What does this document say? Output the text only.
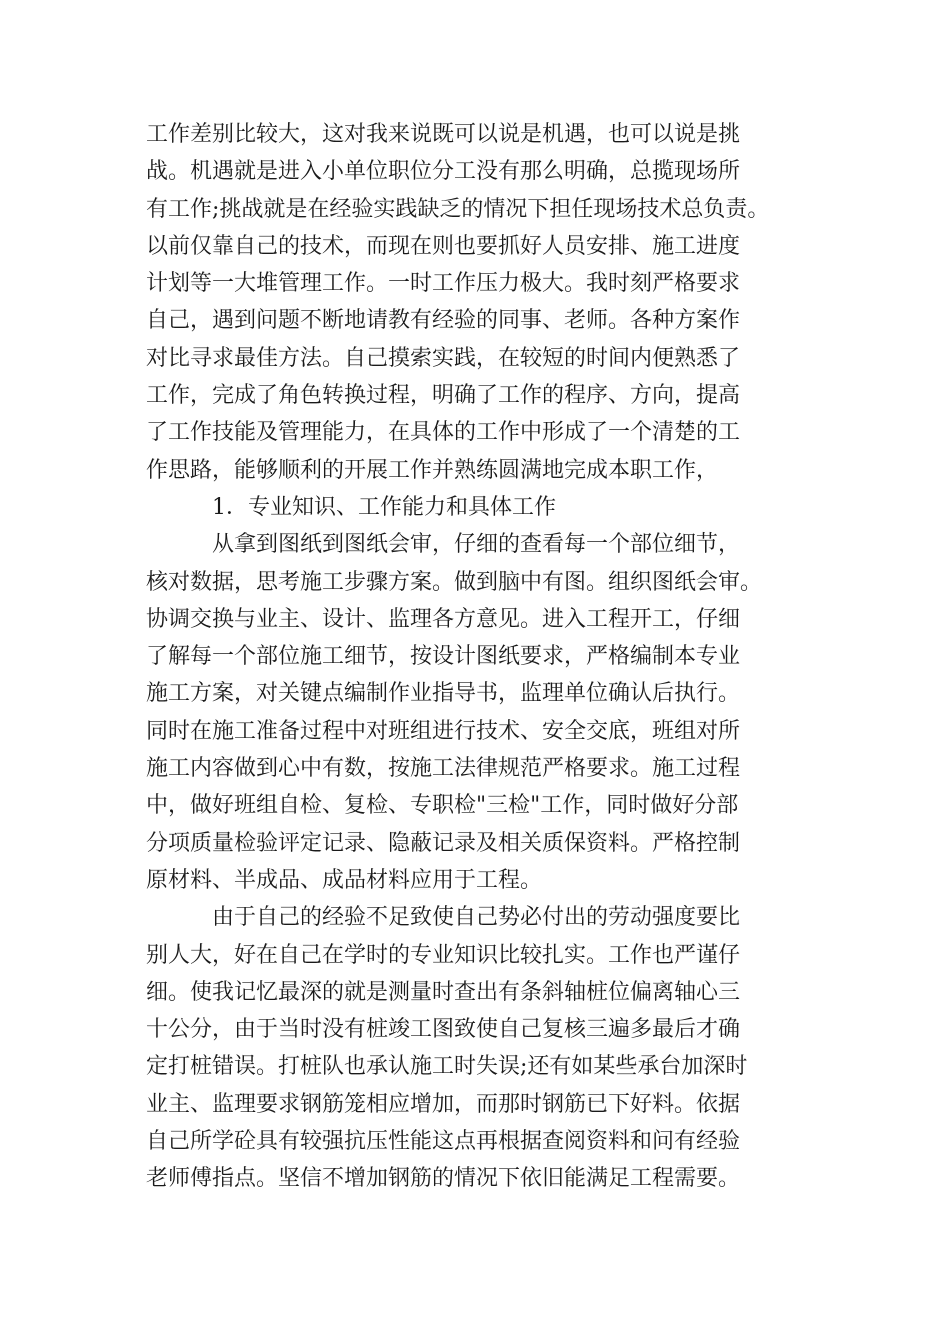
工作差别比较大，这对我来说既可以说是机遇，也可以说是挑
战。机遇就是进入小单位职位分工没有那么明确，总揽现场所
有工作;挑战就是在经验实践缺乏的情况下担任现场技术总负责。
以前仅靠自己的技术，而现在则也要抓好人员安排、施工进度
计划等一大堆管理工作。一时工作压力极大。我时刻严格要求
自己，遇到问题不断地请教有经验的同事、老师。各种方案作
对比寻求最佳方法。自己摸索实践，在较短的时间内便熟悉了
工作，完成了角色转换过程，明确了工作的程序、方向，提高
了工作技能及管理能力，在具体的工作中形成了一个清楚的工
作思路，能够顺利的开展工作并熟练圆满地完成本职工作，
1．专业知识、工作能力和具体工作
从拿到图纸到图纸会审，仔细的查看每一个部位细节，
核对数据，思考施工步骤方案。做到脑中有图。组织图纸会审。
协调交换与业主、设计、监理各方意见。进入工程开工，仔细
了解每一个部位施工细节，按设计图纸要求，严格编制本专业
施工方案，对关键点编制作业指导书，监理单位确认后执行。
同时在施工准备过程中对班组进行技术、安全交底，班组对所
施工内容做到心中有数，按施工法律规范严格要求。施工过程
中，做好班组自检、复检、专职检"三检"工作，同时做好分部
分项质量检验评定记录、隐蔽记录及相关质保资料。严格控制
原材料、半成品、成品材料应用于工程。
由于自己的经验不足致使自己势必付出的劳动强度要比
别人大，好在自己在学时的专业知识比较扎实。工作也严谨仔
细。使我记忆最深的就是测量时查出有条斜轴桩位偏离轴心三
十公分，由于当时没有桩竣工图致使自己复核三遍多最后才确
定打桩错误。打桩队也承认施工时失误;还有如某些承台加深时
业主、监理要求钢筋笼相应增加，而那时钢筋已下好料。依据
自己所学砼具有较强抗压性能这点再根据查阅资料和问有经验
老师傅指点。坚信不增加钢筋的情况下依旧能满足工程需要。
